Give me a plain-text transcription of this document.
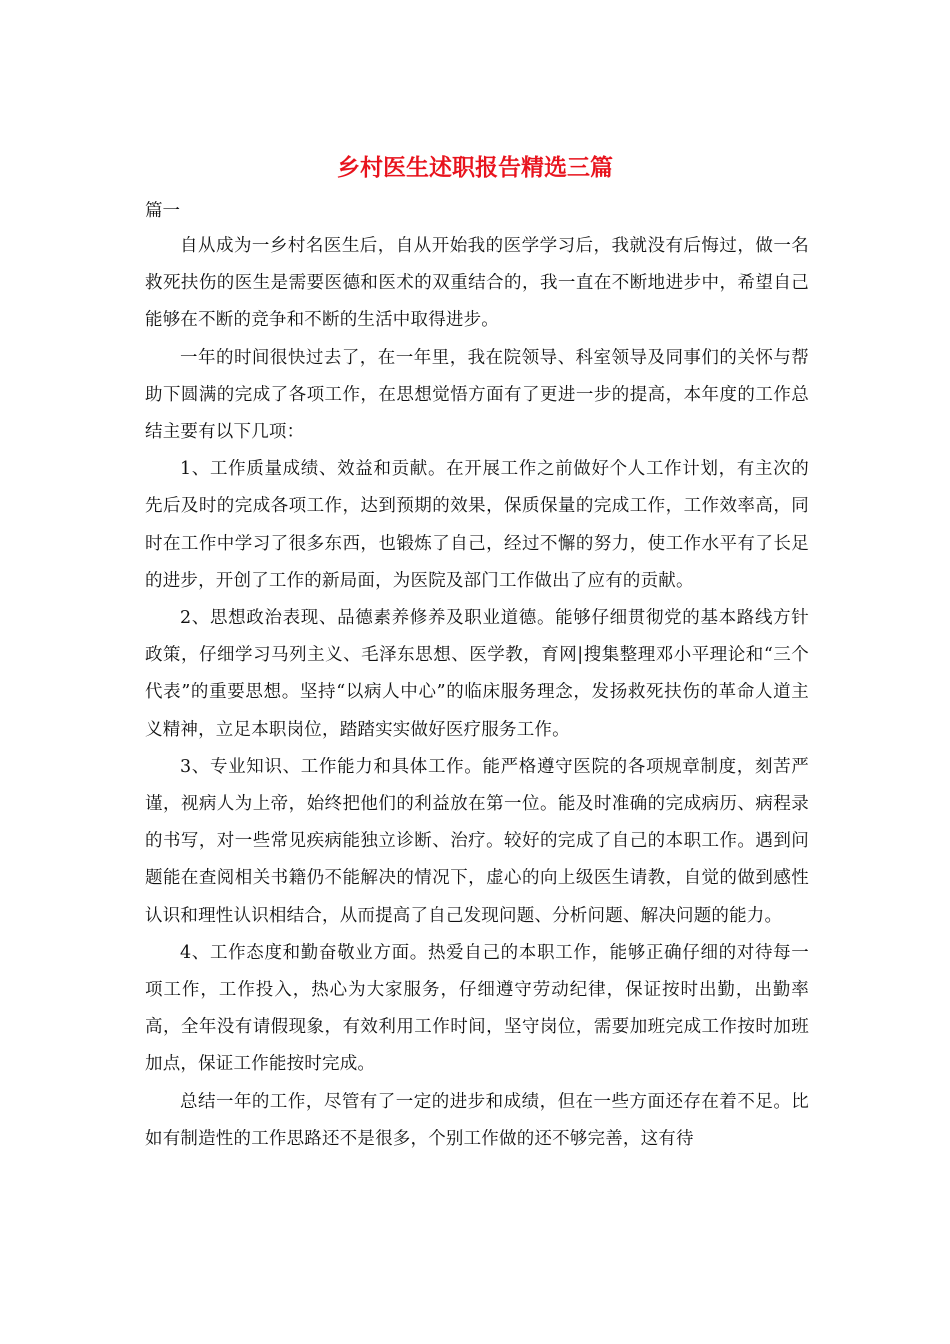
乡村医生述职报告精选三篇

篇一

自从成为一乡村名医生后，自从开始我的医学学习后，我就没有后悔过，做一名救死扶伤的医生是需要医德和医术的双重结合的，我一直在不断地进步中，希望自己能够在不断的竞争和不断的生活中取得进步。

一年的时间很快过去了，在一年里，我在院领导、科室领导及同事们的关怀与帮助下圆满的完成了各项工作，在思想觉悟方面有了更进一步的提高，本年度的工作总结主要有以下几项：

1、工作质量成绩、效益和贡献。在开展工作之前做好个人工作计划，有主次的先后及时的完成各项工作，达到预期的效果，保质保量的完成工作，工作效率高，同时在工作中学习了很多东西，也锻炼了自己，经过不懈的努力，使工作水平有了长足的进步，开创了工作的新局面，为医院及部门工作做出了应有的贡献。

2、思想政治表现、品德素养修养及职业道德。能够仔细贯彻党的基本路线方针政策，仔细学习马列主义、毛泽东思想、医学教，育网|搜集整理邓小平理论和“三个代表”的重要思想。坚持“以病人中心”的临床服务理念，发扬救死扶伤的革命人道主义精神，立足本职岗位，踏踏实实做好医疗服务工作。

3、专业知识、工作能力和具体工作。能严格遵守医院的各项规章制度，刻苦严谨，视病人为上帝，始终把他们的利益放在第一位。能及时准确的完成病历、病程录的书写，对一些常见疾病能独立诊断、治疗。较好的完成了自己的本职工作。遇到问题能在查阅相关书籍仍不能解决的情况下，虚心的向上级医生请教，自觉的做到感性认识和理性认识相结合，从而提高了自己发现问题、分析问题、解决问题的能力。

4、工作态度和勤奋敬业方面。热爱自己的本职工作，能够正确仔细的对待每一项工作，工作投入，热心为大家服务，仔细遵守劳动纪律，保证按时出勤，出勤率高，全年没有请假现象，有效利用工作时间，坚守岗位，需要加班完成工作按时加班加点，保证工作能按时完成。

总结一年的工作，尽管有了一定的进步和成绩，但在一些方面还存在着不足。比如有制造性的工作思路还不是很多，个别工作做的还不够完善，这有待
